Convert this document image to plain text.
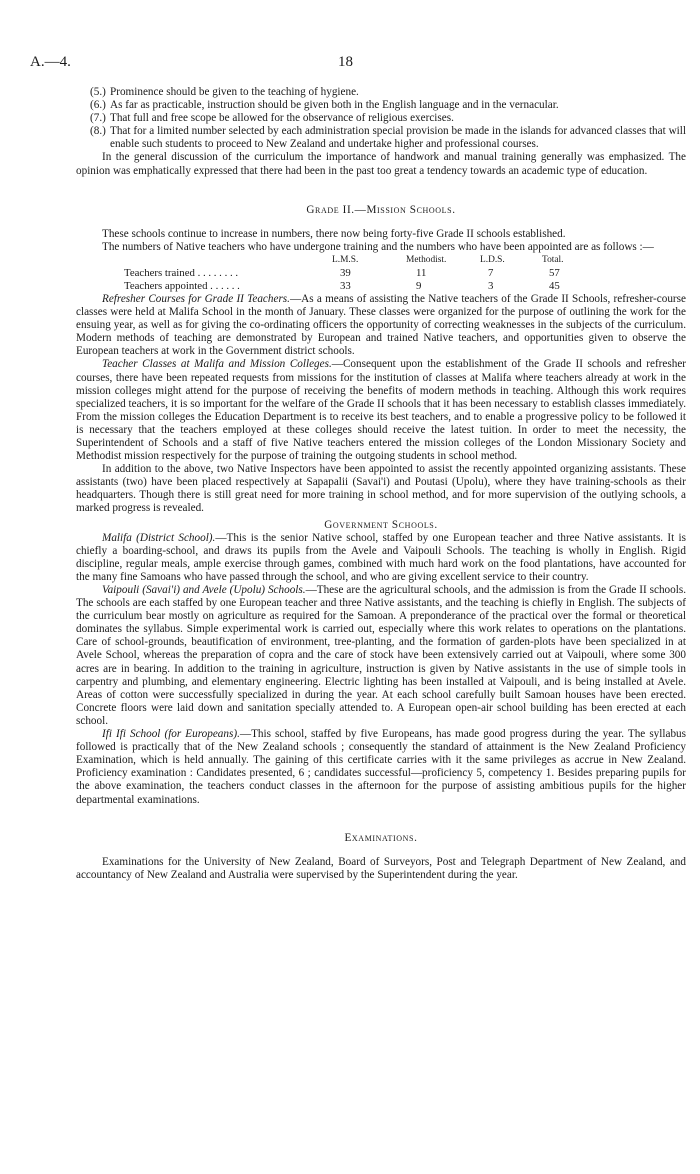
A.—4.	18
(5.) Prominence should be given to the teaching of hygiene.
(6.) As far as practicable, instruction should be given both in the English language and in the vernacular.
(7.) That full and free scope be allowed for the observance of religious exercises.
(8.) That for a limited number selected by each administration special provision be made in the islands for advanced classes that will enable such students to proceed to New Zealand and undertake higher and professional courses.

In the general discussion of the curriculum the importance of handwork and manual training generally was emphasized. The opinion was emphatically expressed that there had been in the past too great a tendency towards an academic type of education.

Grade II.—Mission Schools.

These schools continue to increase in numbers, there now being forty-five Grade II schools established.

The numbers of Native teachers who have undergone training and the numbers who have been appointed are as follows :—

L.M.S.	Methodist.	L.D.S.	Total.
Teachers trained . . . . . . . .	39	11	7	57
Teachers appointed . . . . . .	33	9	3	45

Refresher Courses for Grade II Teachers.—As a means of assisting the Native teachers of the Grade II Schools, refresher-course classes were held at Malifa School in the month of January. These classes were organized for the purpose of outlining the work for the ensuing year, as well as for giving the co-ordinating officers the opportunity of correcting weaknesses in the subjects of the curriculum. Modern methods of teaching are demonstrated by European and trained Native teachers, and opportunities given to observe the European teachers at work in the Government district schools.

Teacher Classes at Malifa and Mission Colleges.—Consequent upon the establishment of the Grade II schools and refresher courses, there have been repeated requests from missions for the institution of classes at Malifa where teachers already at work in the mission colleges might attend for the purpose of receiving the benefits of modern methods in teaching. Although this work requires specialized teachers, it is so important for the welfare of the Grade II schools that it has been necessary to establish classes immediately. From the mission colleges the Education Department is to receive its best teachers, and to enable a progressive policy to be followed it is necessary that the teachers employed at these colleges should receive the latest tuition. In order to meet the necessity, the Superintendent of Schools and a staff of five Native teachers entered the mission colleges of the London Missionary Society and Methodist mission respectively for the purpose of training the outgoing students in school method.

In addition to the above, two Native Inspectors have been appointed to assist the recently appointed organizing assistants. These assistants (two) have been placed respectively at Sapapalii (Savai'i) and Poutasi (Upolu), where they have training-schools as their headquarters. Though there is still great need for more training in school method, and for more supervision of the outlying schools, a marked progress is revealed.

Government Schools.

Malifa (District School).—This is the senior Native school, staffed by one European teacher and three Native assistants. It is chiefly a boarding-school, and draws its pupils from the Avele and Vaipouli Schools. The teaching is wholly in English. Rigid discipline, regular meals, ample exercise through games, combined with much hard work on the food plantations, have accounted for the many fine Samoans who have passed through the school, and who are giving excellent service to their country.

Vaipouli (Savai'i) and Avele (Upolu) Schools.—These are the agricultural schools, and the admission is from the Grade II schools. The schools are each staffed by one European teacher and three Native assistants, and the teaching is chiefly in English. The subjects of the curriculum bear mostly on agriculture as required for the Samoan. A preponderance of the practical over the formal or theoretical dominates the syllabus. Simple experimental work is carried out, especially where this work relates to operations on the plantations. Care of school-grounds, beautification of environment, tree-planting, and the formation of garden-plots have been specialized in at Avele School, whereas the preparation of copra and the care of stock have been extensively carried out at Vaipouli, where some 300 acres are in bearing. In addition to the training in agriculture, instruction is given by Native assistants in the use of simple tools in carpentry and plumbing, and elementary engineering. Electric lighting has been installed at Vaipouli, and is being installed at Avele. Areas of cotton were successfully specialized in during the year. At each school carefully built Samoan houses have been erected. Concrete floors were laid down and sanitation specially attended to. A European open-air school building has been erected at each school.

Ifi Ifi School (for Europeans).—This school, staffed by five Europeans, has made good progress during the year. The syllabus followed is practically that of the New Zealand schools ; consequently the standard of attainment is the New Zealand Proficiency Examination, which is held annually. The gaining of this certificate carries with it the same privileges as accrue in New Zealand. Proficiency examination : Candidates presented, 6 ; candidates successful—proficiency 5, competency 1. Besides preparing pupils for the above examination, the teachers conduct classes in the afternoon for the purpose of assisting ambitious pupils for the higher departmental examinations.

Examinations.

Examinations for the University of New Zealand, Board of Surveyors, Post and Telegraph Department of New Zealand, and accountancy of New Zealand and Australia were supervised by the Superintendent during the year.
